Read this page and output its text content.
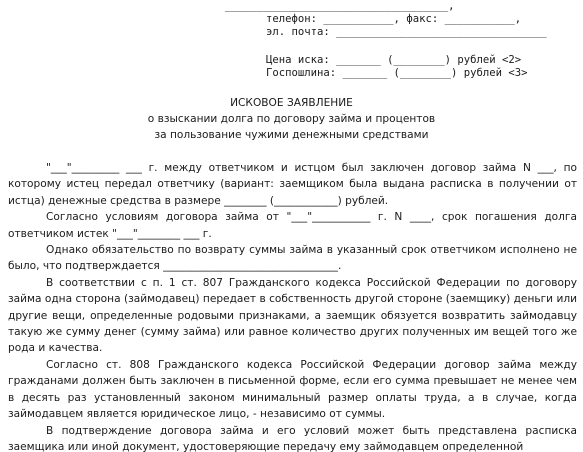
___________________________________,
телефон: ___________, факс: ___________,
эл. почта: _________________________________
Цена иска: _______ (________) рублей <2>
Госпошлина: _______ (________) рублей <3>
ИСКОВОЕ ЗАЯВЛЕНИЕ
о взыскании долга по договору займа и процентов
за пользование чужими денежными средствами

"___"_________ ___ г. между ответчиком и истцом был заключен договор займа N ___, по которому истец передал ответчику (вариант: заемщиком была выдана расписка в получении от истца) денежные средства в размере ________ (____________) рублей.

Согласно условиям договора займа от "___"___________ г. N ____, срок погашения долга ответчиком истек "___"________ ___ г.

Однако обязательство по возврату суммы займа в указанный срок ответчиком исполнено не было, что подтверждается _________________________________.

В соответствии с п. 1 ст. 807 Гражданского кодекса Российской Федерации по договору займа одна сторона (займодавец) передает в собственность другой стороне (заемщику) деньги или другие вещи, определенные родовыми признаками, а заемщик обязуется возвратить займодавцу такую же сумму денег (сумму займа) или равное количество других полученных им вещей того же рода и качества.

Согласно ст. 808 Гражданского кодекса Российской Федерации договор займа между гражданами должен быть заключен в письменной форме, если его сумма превышает не менее чем в десять раз установленный законом минимальный размер оплаты труда, а в случае, когда займодавцем является юридическое лицо, - независимо от суммы.

В подтверждение договора займа и его условий может быть представлена расписка заемщика или иной документ, удостоверяющие передачу ему займодавцем определенной
